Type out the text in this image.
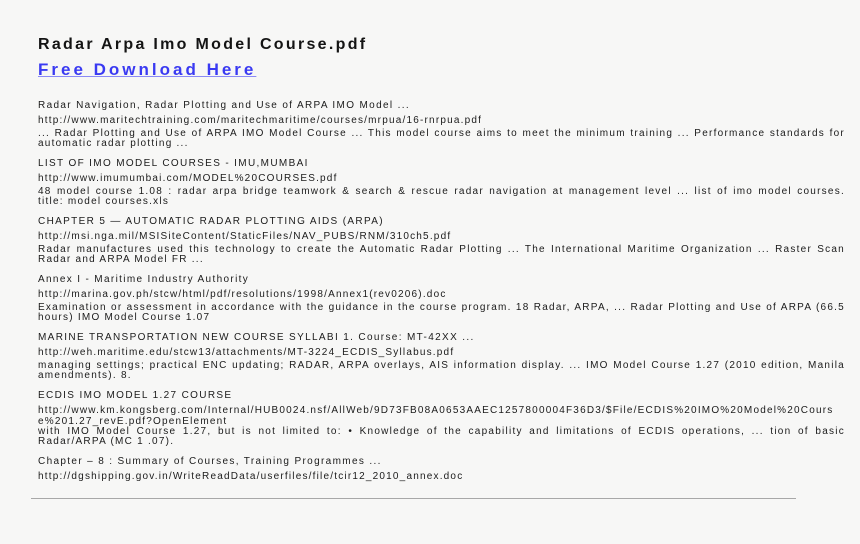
Radar Arpa Imo Model Course.pdf
Free Download Here
Radar Navigation, Radar Plotting and Use of ARPA IMO Model ...
http://www.maritechtraining.com/maritechmaritime/courses/mrpua/16-rnrpua.pdf
... Radar Plotting and Use of ARPA IMO Model Course ... This model course aims to meet the minimum training ... Performance standards for automatic radar plotting ...
LIST OF IMO MODEL COURSES - IMU,MUMBAI
http://www.imumumbai.com/MODEL%20COURSES.pdf
48 model course 1.08 : radar arpa bridge teamwork & search & rescue radar navigation at management level ... list of imo model courses. title: model courses.xls
CHAPTER 5 — AUTOMATIC RADAR PLOTTING AIDS (ARPA)
http://msi.nga.mil/MSISiteContent/StaticFiles/NAV_PUBS/RNM/310ch5.pdf
Radar manufactures used this technology to create the Automatic Radar Plotting ... The International Maritime Organization ... Raster Scan Radar and ARPA Model FR ...
Annex I - Maritime Industry Authority
http://marina.gov.ph/stcw/html/pdf/resolutions/1998/Annex1(rev0206).doc
Examination or assessment in accordance with the guidance in the course program. 18 Radar, ARPA, ... Radar Plotting and Use of ARPA (66.5 hours) IMO Model Course 1.07
MARINE TRANSPORTATION NEW COURSE SYLLABI 1. Course: MT-42XX ...
http://weh.maritime.edu/stcw13/attachments/MT-3224_ECDIS_Syllabus.pdf
managing settings; practical ENC updating; RADAR, ARPA overlays, AIS information display. ... IMO Model Course 1.27 (2010 edition, Manila amendments). 8.
ECDIS IMO MODEL 1.27 COURSE
http://www.km.kongsberg.com/Internal/HUB0024.nsf/AllWeb/9D73FB08A0653AAEC1257800004F36D3/$File/ECDIS%20IMO%20Model%20Course%201.27_revE.pdf?OpenElement
with IMO Model Course 1.27, but is not limited to: • Knowledge of the capability and limitations of ECDIS operations, ... tion of basic Radar/ARPA (MC 1 .07).
Chapter – 8 : Summary of Courses, Training Programmes ...
http://dgshipping.gov.in/WriteReadData/userfiles/file/tcir12_2010_annex.doc
